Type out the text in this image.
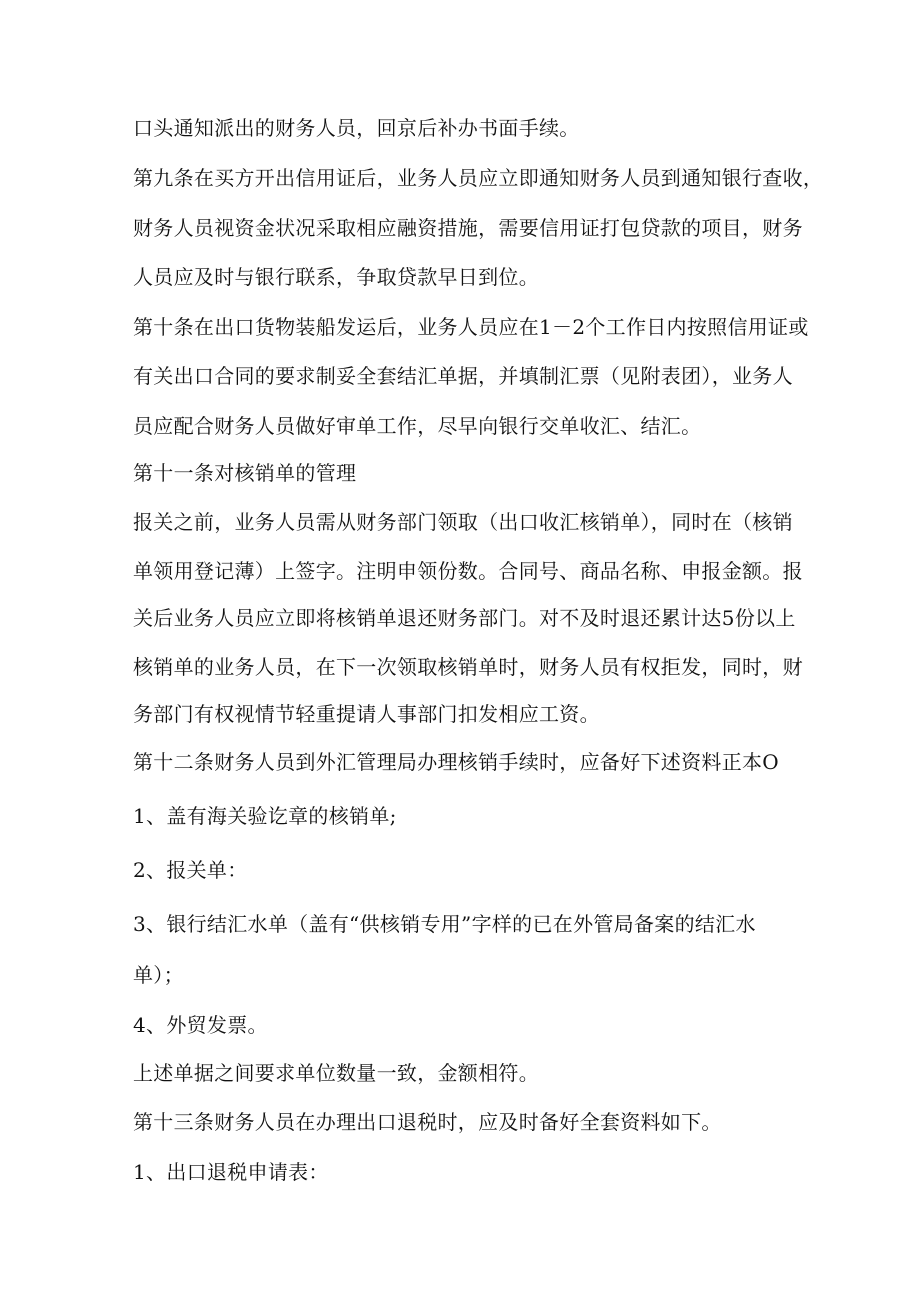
口头通知派出的财务人员，回京后补办书面手续。
第九条在买方开出信用证后，业务人员应立即通知财务人员到通知银行查收，
财务人员视资金状况采取相应融资措施，需要信用证打包贷款的项目，财务
人员应及时与银行联系，争取贷款早日到位。
第十条在出口货物装船发运后，业务人员应在1－2个工作日内按照信用证或
有关出口合同的要求制妥全套结汇单据，并填制汇票（见附表团），业务人
员应配合财务人员做好审单工作，尽早向银行交单收汇、结汇。
第十一条对核销单的管理
报关之前，业务人员需从财务部门领取（出口收汇核销单），同时在（核销
单领用登记薄）上签字。注明申领份数。合同号、商品名称、申报金额。报
关后业务人员应立即将核销单退还财务部门。对不及时退还累计达5份以上
核销单的业务人员，在下一次领取核销单时，财务人员有权拒发，同时，财
务部门有权视情节轻重提请人事部门扣发相应工资。
第十二条财务人员到外汇管理局办理核销手续时，应备好下述资料正本O
1、盖有海关验讫章的核销单;
2、报关单：
3、银行结汇水单（盖有“供核销专用”字样的已在外管局备案的结汇水
单）；
4、外贸发票。
上述单据之间要求单位数量一致，金额相符。
第十三条财务人员在办理出口退税时，应及时备好全套资料如下。
1、出口退税申请表：
